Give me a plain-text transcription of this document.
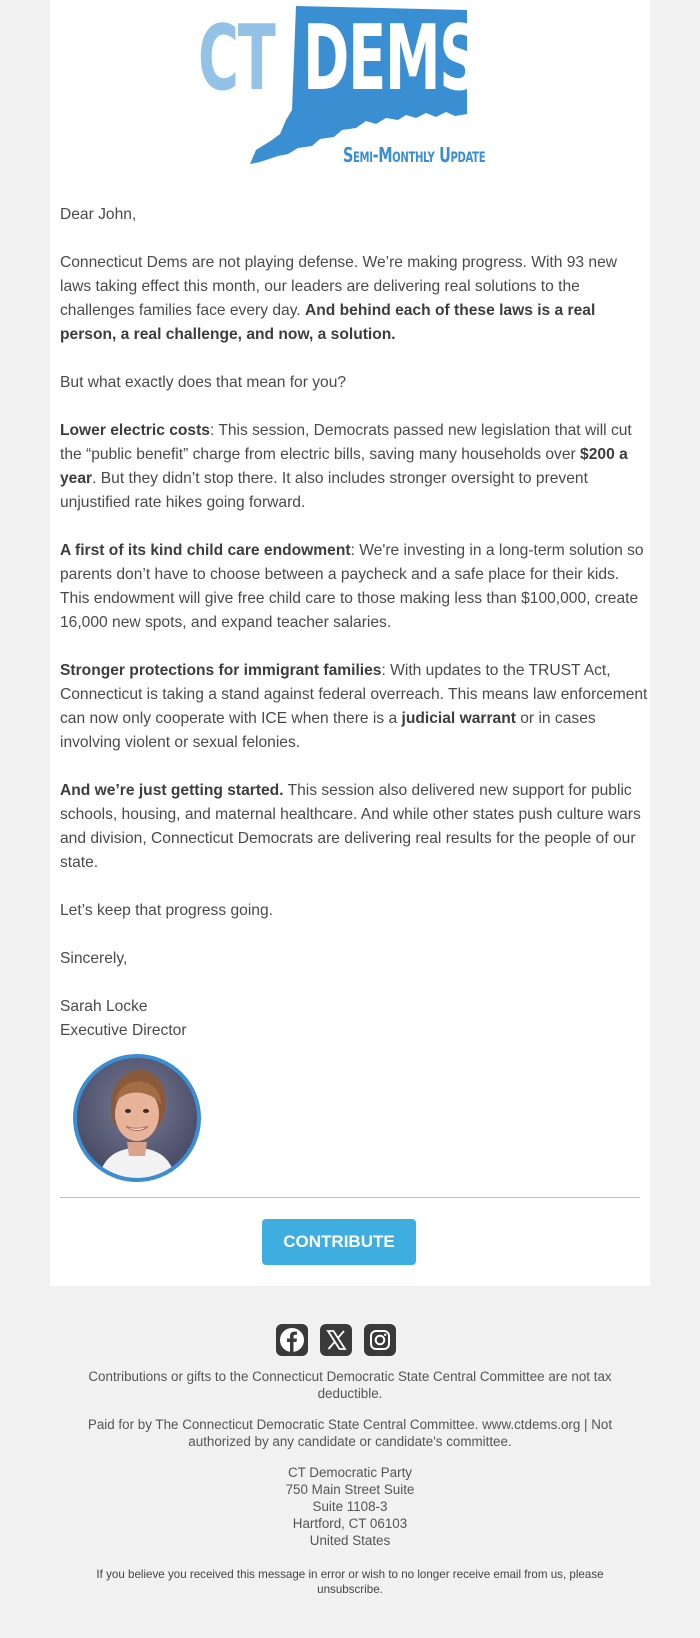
CT DEMS
Semi-Monthly Update

Dear John,

Connecticut Dems are not playing defense. We’re making progress. With 93 new laws taking effect this month, our leaders are delivering real solutions to the challenges families face every day. And behind each of these laws is a real person, a real challenge, and now, a solution.

But what exactly does that mean for you?

Lower electric costs: This session, Democrats passed new legislation that will cut the “public benefit” charge from electric bills, saving many households over $200 a year. But they didn’t stop there. It also includes stronger oversight to prevent unjustified rate hikes going forward.

A first of its kind child care endowment: We're investing in a long-term solution so parents don’t have to choose between a paycheck and a safe place for their kids. This endowment will give free child care to those making less than $100,000, create 16,000 new spots, and expand teacher salaries.

Stronger protections for immigrant families: With updates to the TRUST Act, Connecticut is taking a stand against federal overreach. This means law enforcement can now only cooperate with ICE when there is a judicial warrant or in cases involving violent or sexual felonies.

And we’re just getting started. This session also delivered new support for public schools, housing, and maternal healthcare. And while other states push culture wars and division, Connecticut Democrats are delivering real results for the people of our state.

Let’s keep that progress going.

Sincerely,

Sarah Locke
Executive Director
CONTRIBUTE
Contributions or gifts to the Connecticut Democratic State Central Committee are not tax deductible.
Paid for by The Connecticut Democratic State Central Committee. www.ctdems.org | Not authorized by any candidate or candidate's committee.
CT Democratic Party
750 Main Street Suite
Suite 1108-3
Hartford, CT 06103
United States
If you believe you received this message in error or wish to no longer receive email from us, please unsubscribe.
